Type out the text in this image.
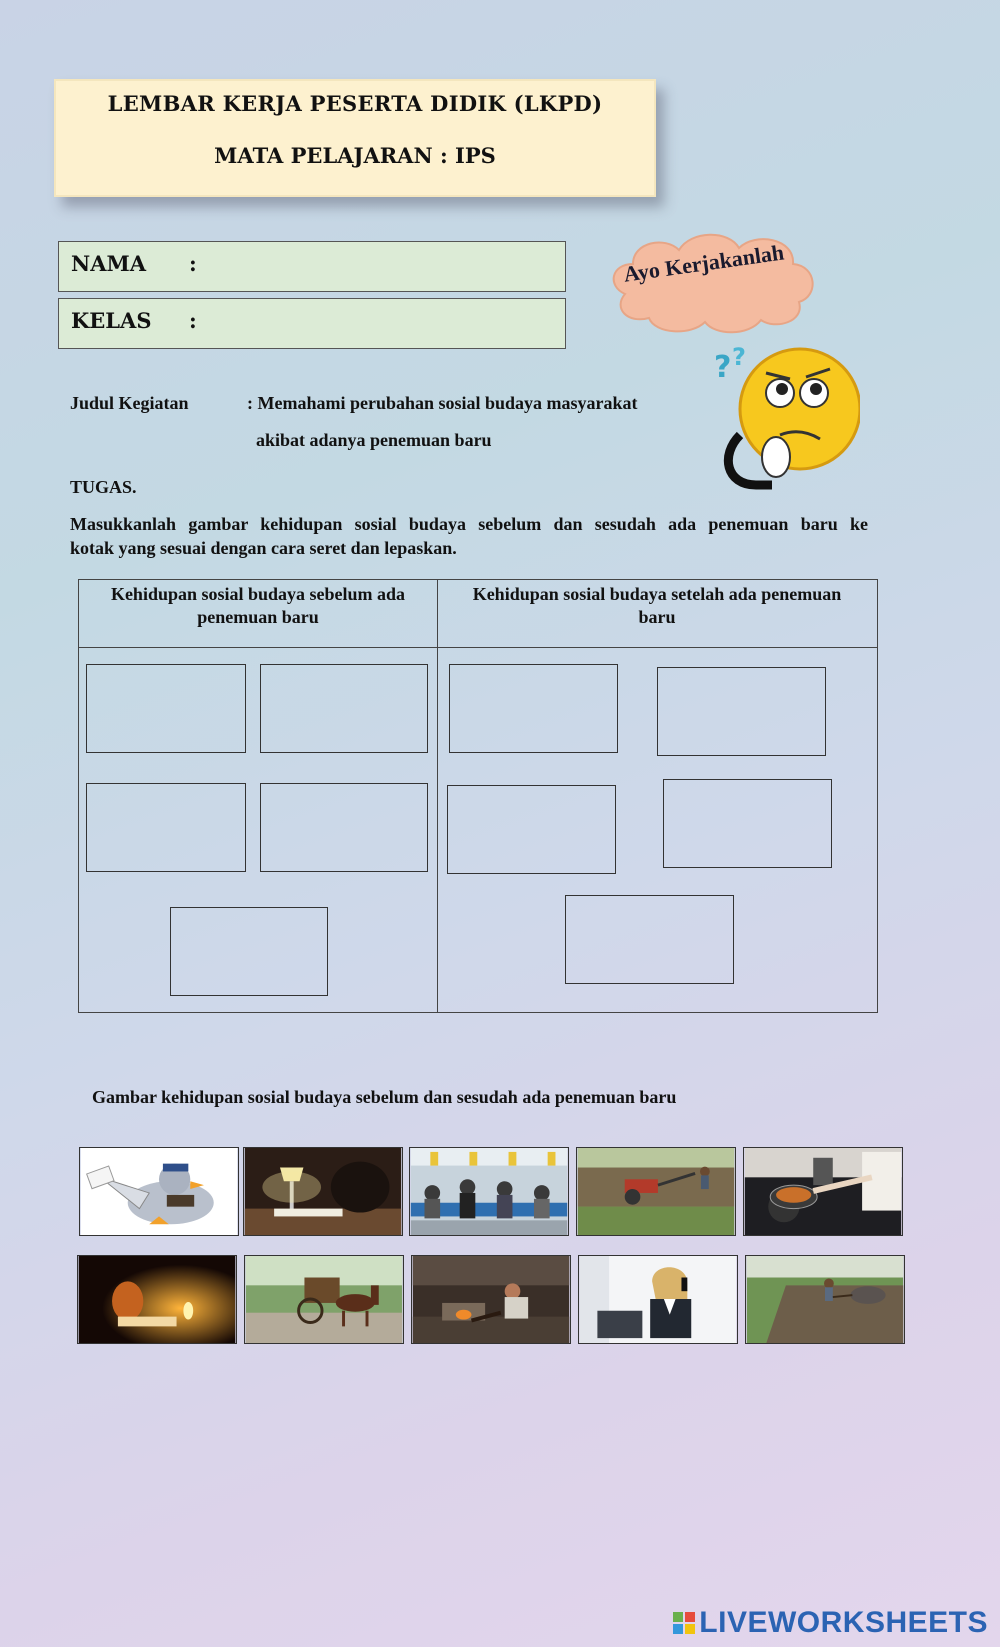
LEMBAR KERJA PESERTA DIDIK (LKPD)
MATA PELAJARAN : IPS
NAMA :
KELAS :
Ayo Kerjakanlah
? ?
Judul Kegiatan	: Memahami perubahan sosial budaya masyarakat
akibat adanya penemuan baru
TUGAS.
Masukkanlah gambar kehidupan sosial budaya sebelum dan sesudah ada penemuan baru ke
kotak yang sesuai dengan cara seret dan lepaskan.
Kehidupan sosial budaya sebelum ada
penemuan baru
Kehidupan sosial budaya setelah ada penemuan
baru
Gambar kehidupan sosial budaya sebelum dan sesudah ada penemuan baru
LIVEWORKSHEETS
